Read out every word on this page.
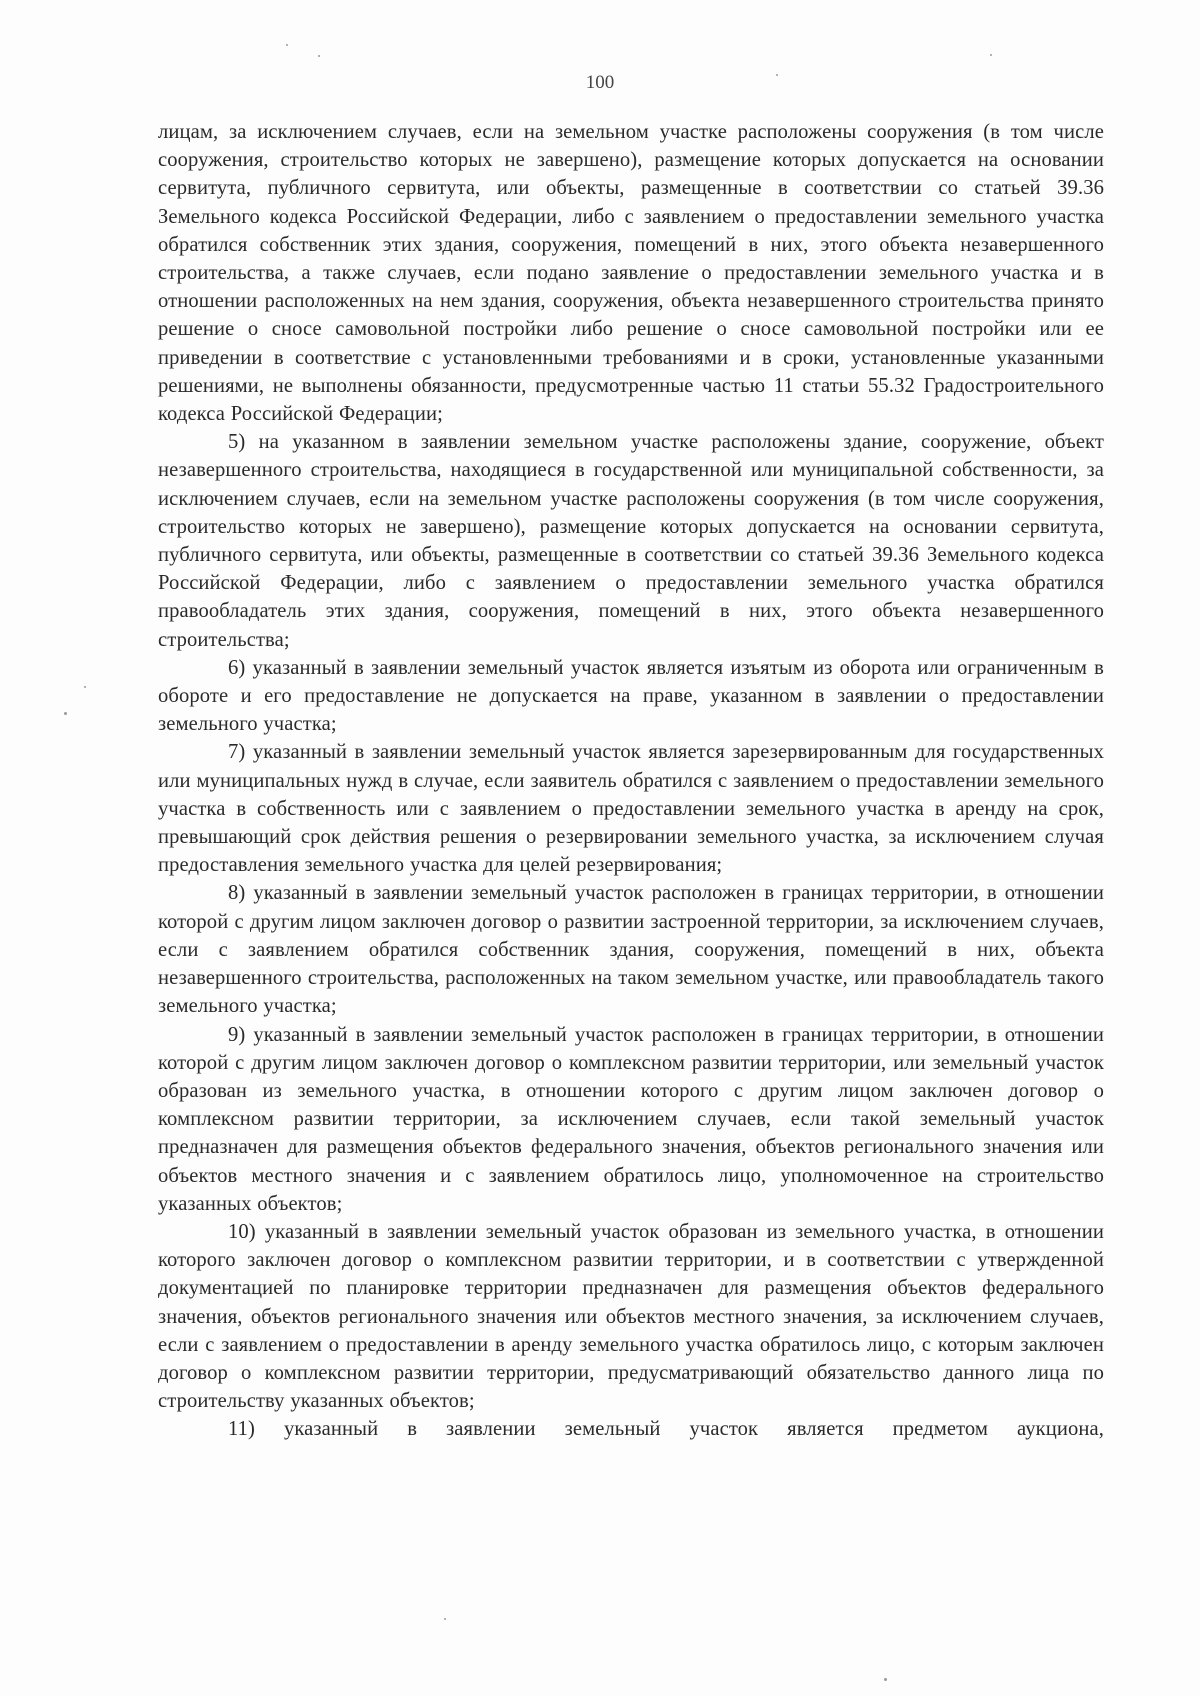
100

лицам, за исключением случаев, если на земельном участке расположены сооружения (в том числе сооружения, строительство которых не завершено), размещение которых допускается на основании сервитута, публичного сервитута, или объекты, размещенные в соответствии со статьей 39.36 Земельного кодекса Российской Федерации, либо с заявлением о предоставлении земельного участка обратился собственник этих здания, сооружения, помещений в них, этого объекта незавершенного строительства, а также случаев, если подано заявление о предоставлении земельного участка и в отношении расположенных на нем здания, сооружения, объекта незавершенного строительства принято решение о сносе самовольной постройки либо решение о сносе самовольной постройки или ее приведении в соответствие с установленными требованиями и в сроки, установленные указанными решениями, не выполнены обязанности, предусмотренные частью 11 статьи 55.32 Градостроительного кодекса Российской Федерации;

5) на указанном в заявлении земельном участке расположены здание, сооружение, объект незавершенного строительства, находящиеся в государственной или муниципальной собственности, за исключением случаев, если на земельном участке расположены сооружения (в том числе сооружения, строительство которых не завершено), размещение которых допускается на основании сервитута, публичного сервитута, или объекты, размещенные в соответствии со статьей 39.36 Земельного кодекса Российской Федерации, либо с заявлением о предоставлении земельного участка обратился правообладатель этих здания, сооружения, помещений в них, этого объекта незавершенного строительства;

6) указанный в заявлении земельный участок является изъятым из оборота или ограниченным в обороте и его предоставление не допускается на праве, указанном в заявлении о предоставлении земельного участка;

7) указанный в заявлении земельный участок является зарезервированным для государственных или муниципальных нужд в случае, если заявитель обратился с заявлением о предоставлении земельного участка в собственность или с заявлением о предоставлении земельного участка в аренду на срок, превышающий срок действия решения о резервировании земельного участка, за исключением случая предоставления земельного участка для целей резервирования;

8) указанный в заявлении земельный участок расположен в границах территории, в отношении которой с другим лицом заключен договор о развитии застроенной территории, за исключением случаев, если с заявлением обратился собственник здания, сооружения, помещений в них, объекта незавершенного строительства, расположенных на таком земельном участке, или правообладатель такого земельного участка;

9) указанный в заявлении земельный участок расположен в границах территории, в отношении которой с другим лицом заключен договор о комплексном развитии территории, или земельный участок образован из земельного участка, в отношении которого с другим лицом заключен договор о комплексном развитии территории, за исключением случаев, если такой земельный участок предназначен для размещения объектов федерального значения, объектов регионального значения или объектов местного значения и с заявлением обратилось лицо, уполномоченное на строительство указанных объектов;

10) указанный в заявлении земельный участок образован из земельного участка, в отношении которого заключен договор о комплексном развитии территории, и в соответствии с утвержденной документацией по планировке территории предназначен для размещения объектов федерального значения, объектов регионального значения или объектов местного значения, за исключением случаев, если с заявлением о предоставлении в аренду земельного участка обратилось лицо, с которым заключен договор о комплексном развитии территории, предусматривающий обязательство данного лица по строительству указанных объектов;

11) указанный в заявлении земельный участок является предметом аукциона,
